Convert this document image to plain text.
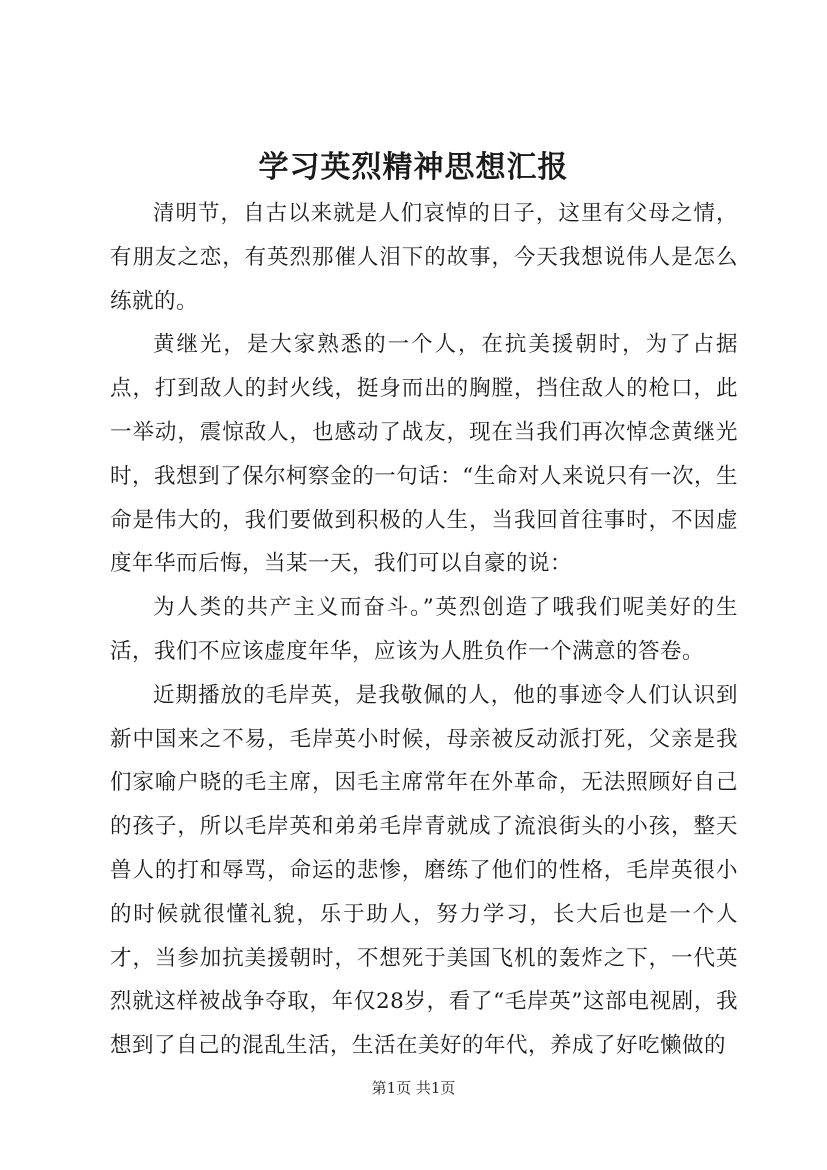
学习英烈精神思想汇报

清明节，自古以来就是人们哀悼的日子，这里有父母之情，有朋友之恋，有英烈那催人泪下的故事，今天我想说伟人是怎么练就的。

黄继光，是大家熟悉的一个人，在抗美援朝时，为了占据点，打到敌人的封火线，挺身而出的胸膛，挡住敌人的枪口，此一举动，震惊敌人，也感动了战友，现在当我们再次悼念黄继光时，我想到了保尔柯察金的一句话：“生命对人来说只有一次，生命是伟大的，我们要做到积极的人生，当我回首往事时，不因虚度年华而后悔，当某一天，我们可以自豪的说：

为人类的共产主义而奋斗。”英烈创造了哦我们呢美好的生活，我们不应该虚度年华，应该为人胜负作一个满意的答卷。

近期播放的毛岸英，是我敬佩的人，他的事迹令人们认识到新中国来之不易，毛岸英小时候，母亲被反动派打死，父亲是我们家喻户晓的毛主席，因毛主席常年在外革命，无法照顾好自己的孩子，所以毛岸英和弟弟毛岸青就成了流浪街头的小孩，整天兽人的打和辱骂，命运的悲惨，磨练了他们的性格，毛岸英很小的时候就很懂礼貌，乐于助人，努力学习，长大后也是一个人才，当参加抗美援朝时，不想死于美国飞机的轰炸之下，一代英烈就这样被战争夺取，年仅28岁，看了“毛岸英”这部电视剧，我想到了自己的混乱生活，生活在美好的年代，养成了好吃懒做的

第1页 共1页
